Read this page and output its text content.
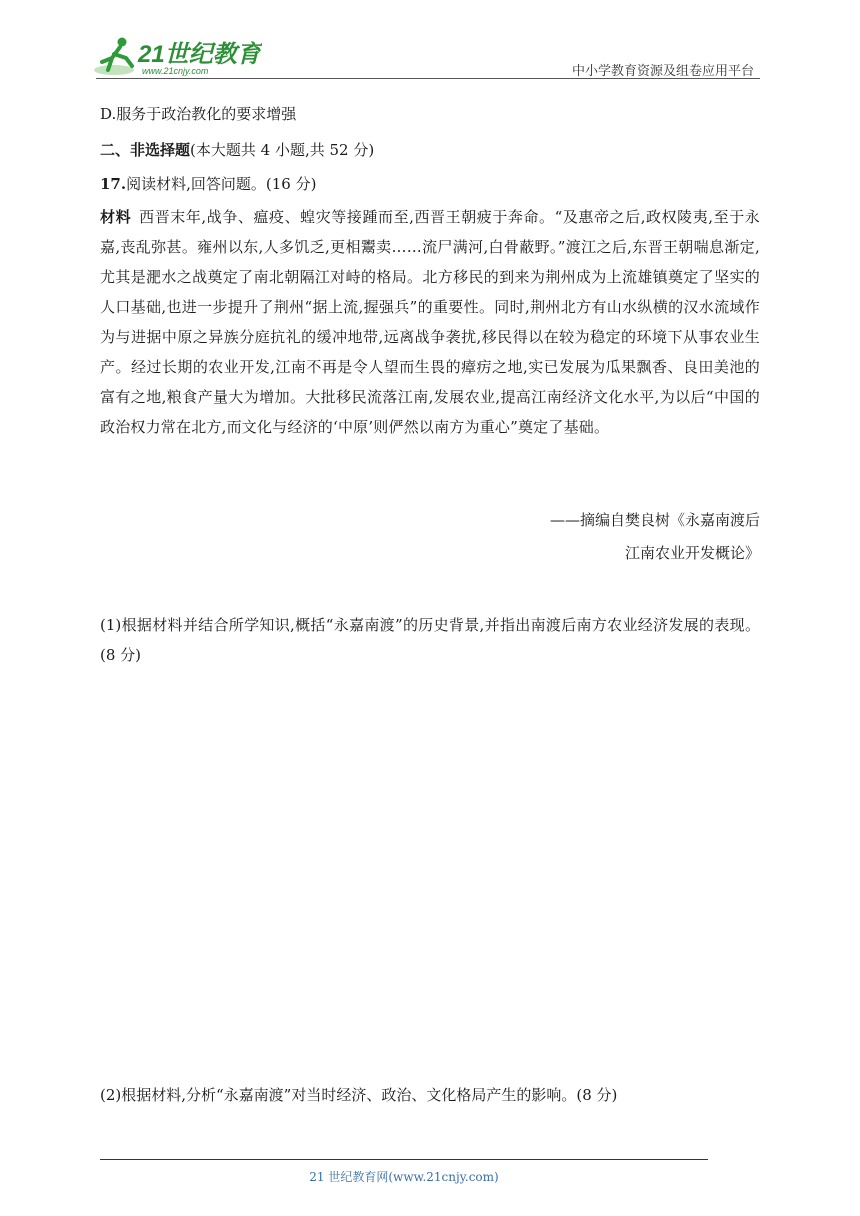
21世纪教育
www.21cnjy.com	中小学教育资源及组卷应用平台
D.服务于政治教化的要求增强
二、非选择题(本大题共 4 小题,共 52 分)
17.阅读材料,回答问题。(16 分)
材料 西晋末年,战争、瘟疫、蝗灾等接踵而至,西晋王朝疲于奔命。“及惠帝之后,政权陵夷,至于永嘉,丧乱弥甚。雍州以东,人多饥乏,更相鬻卖……流尸满河,白骨蔽野。”渡江之后,东晋王朝喘息渐定,尤其是淝水之战奠定了南北朝隔江对峙的格局。北方移民的到来为荆州成为上流雄镇奠定了坚实的人口基础,也进一步提升了荆州“据上流,握强兵”的重要性。同时,荆州北方有山水纵横的汉水流域作为与进据中原之异族分庭抗礼的缓冲地带,远离战争袭扰,移民得以在较为稳定的环境下从事农业生产。经过长期的农业开发,江南不再是令人望而生畏的瘴疠之地,实已发展为瓜果飘香、良田美池的富有之地,粮食产量大为增加。大批移民流落江南,发展农业,提高江南经济文化水平,为以后“中国的政治权力常在北方,而文化与经济的‘中原’则俨然以南方为重心”奠定了基础。
——摘编自樊良树《永嘉南渡后
江南农业开发概论》
(1)根据材料并结合所学知识,概括“永嘉南渡”的历史背景,并指出南渡后南方农业经济发展的表现。(8 分)
(2)根据材料,分析“永嘉南渡”对当时经济、政治、文化格局产生的影响。(8 分)
21 世纪教育网(www.21cnjy.com)
